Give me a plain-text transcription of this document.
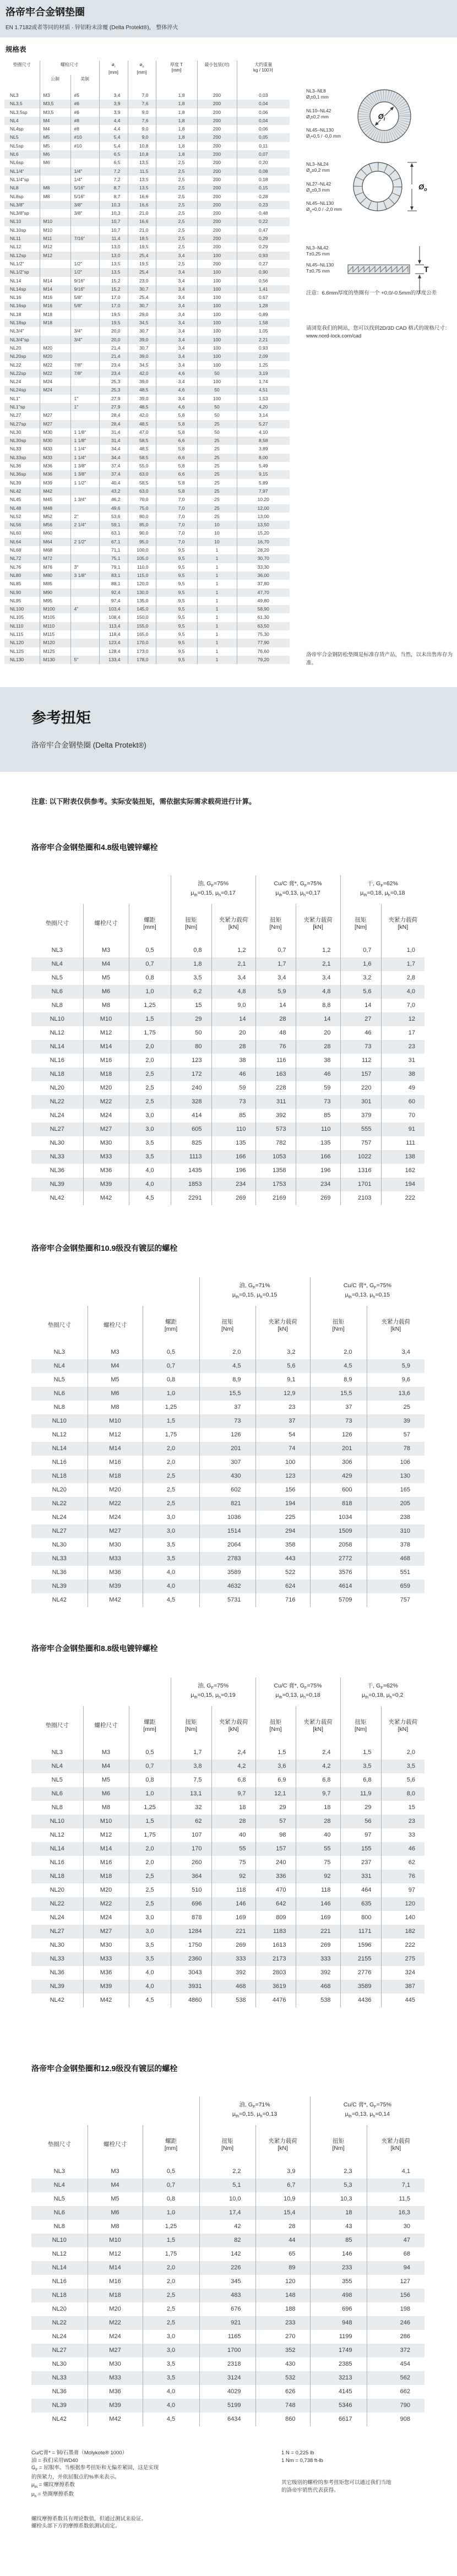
洛帝牢合金钢垫圈
EN 1.7182或者等同的材质 · 锌铝粉末涂覆 (Delta Protekt®)， 整体淬火
规格表
垫圈尺寸	螺栓尺寸	$ø_i$
[mm]

$ø_o$
[mm]

厚度 T
[mm]
	最小包装(对)	大约重量
kg / 100对

	公制	美制					
NL3	M3	#5	3,4	7,0	1,8	200	0,03
NL3,5	M3,5	#6	3,9	7,6	1,8	200	0,04
NL3,5sp	M3,5	#6	3,9	9,0	1,8	200	0,06
NL4	M4	#8	4,4	7,6	1,8	200	0,04
NL4sp	M4	#8	4,4	9,0	1,8	200	0,06
NL5	M5	#10	5,4	9,0	1,8	200	0,05
NL5sp	M5	#10	5,4	10,8	1,8	200	0,11
NL6	M6		6,5	10,8	1,8	200	0,07
NL6sp	M6		6,5	13,5	2,5	200	0,20
NL1/4"		1/4"	7,2	11,5	2,5	200	0,08
NL1/4"sp		1/4"	7,2	13,5	2,5	200	0,18
NL8	M8	5/16"	8,7	13,5	2,5	200	0,15
NL8sp	M8	5/16"	8,7	16,6	2,5	200	0,28
NL3/8"		3/8"	10,3	16,6	2,5	200	0,23
NL3/8"sp		3/8"	10,3	21,0	2,5	200	0,48
NL10	M10		10,7	16,6	2,5	200	0,22
NL10sp	M10		10,7	21,0	2,5	200	0,47
NL11	M11	7/16"	11,4	18,5	2,5	200	0,29
NL12	M12		13,0	19,5	2,5	200	0,29
NL12sp	M12		13,0	25,4	3,4	100	0,93
NL1/2"		1/2"	13,5	19,5	2,5	200	0,27
NL1/2"sp		1/2"	13,5	25,4	3,4	100	0,90
NL14	M14	9/16"	15,2	23,0	3,4	100	0,56
NL14sp	M14	9/16"	15,2	30,7	3,4	100	1,41
NL16	M16	5/8"	17,0	25,4	3,4	100	0,67
NL16sp	M16	5/8"	17,0	30,7	3,4	100	1,28
NL18	M18		19,5	29,0	3,4	100	0,89
NL18sp	M18		19,5	34,5	3,4	100	1,58
NL3/4"		3/4"	20,0	30,7	3,4	100	1,05
NL3/4"sp		3/4"	20,0	39,0	3,4	100	2,21
NL20	M20		21,4	30,7	3,4	100	0,93
NL20sp	M20		21,4	39,0	3,4	100	2,09
NL22	M22	7/8"	23,4	34,5	3,4	100	1,25
NL22sp	M22	7/8"	23,4	42,0	4,6	50	3,19
NL24	M24		25,3	39,0	3,4	100	1,74
NL24sp	M24		25,3	48,5	4,6	50	4,51
NL1"		1"	27,9	39,0	3,4	100	1,53
NL1"sp		1"	27,9	48,5	4,6	50	4,20
NL27	M27		28,4	42,0	5,8	50	3,14
NL27sp	M27		28,4	48,5	5,8	25	5,27
NL30	M30	1 1/8"	31,4	47,0	5,8	50	4,10
NL30sp	M30	1 1/8"	31,4	58,5	6,6	25	8,58
NL33	M33	1 1/4"	34,4	48,5	5,8	25	3,89
NL33sp	M33	1 1/4"	34,4	58,5	6,6	25	8,00
NL36	M36	1 3/8"	37,4	55,0	5,8	25	5,49
NL36sp	M36	1 3/8"	37,4	63,0	6,6	25	9,15
NL39	M39	1 1/2"	40,4	58,5	5,8	25	5,89
NL42	M42		43,2	63,0	5,8	25	7,97
NL45	M45	1 3/4"	46,2	70,0	7,0	25	10,20
NL48	M48		49,6	75,0	7,0	25	12,00
NL52	M52	2"	53,6	80,0	7,0	25	13,00
NL56	M56	2 1/4"	59,1	85,0	7,0	10	13,50
NL60	M60		63,1	90,0	7,0	10	15,20
NL64	M64	2 1/2"	67,1	95,0	7,0	10	16,70
NL68	M68		71,1	100,0	9,5	1	28,20
NL72	M72		75,1	105,0	9,5	1	30,70
NL76	M76	3"	79,1	110,0	9,5	1	33,30
NL80	M80	3 1/8"	83,1	115,0	9,5	1	36,00
NL85	M85		88,1	120,0	9,5	1	37,80
NL90	M90		92,4	130,0	9,5	1	47,70
NL95	M95		97,4	135,0	9,5	1	49,80
NL100	M100	4"	103,4	145,0	9,5	1	58,90
NL105	M105		108,4	150,0	9,5	1	61,30
NL110	M110		113,4	155,0	9,5	1	63,50
NL115	M115		118,4	165,0	9,5	1	75,30
NL120	M120		123,4	170,0	9,5	1	77,90
NL125	M125		128,4	173,0	9,5	1	76,60
NL130	M130	5"	133,4	178,0	9,5	1	79,20
NL3–NL8
$Ø_i\pm 0,1$ mm
NL10–NL42
$Ø_i\pm 0,2$ mm
NL45–NL130
$Ø_i+0,5 / -0,0$ mm
$Ø_i$
NL3–NL24
$Ø_o\pm 0,2$ mm
NL27–NL42
$Ø_o\pm 0,3$ mm
NL45–NL130
$Ø_o+0,0 / -2,0$ mm
$Ø_o$
NL3–NL42
T±0,25 mm
NL45–NL130
T±0,75 mm	T
注意：6.6mm厚度的垫圈有一个 +0,0/-0.5mm的厚度公差
请浏览我们的网站，您可以找到2D/3D CAD 格式的规格尺寸：www.nord-lock.com/cad
洛帝牢合金钢防松垫圈是标准存货产品，当然，以未出售库存为准。
参考扭矩
洛帝牢合金钢垫圈 (Delta Protekt®)
注意: 以下附表仅供参考。实际安装扭矩，需依据实际需求载荷进行计算。
洛帝牢合金钢垫圈和4.8级电镀锌螺栓

油, $G_F=75\%$
$\mu_{th}=0,15$, $\mu_h=0,17$

Cu/C 膏*, $G_F=75\%$
$\mu_{th}=0,13$, $\mu_h=0,17$

干, $G_F=62\%$
$\mu_{th}=0,18$, $\mu_h=0,18$

垫圈尺寸	螺栓尺寸	
螺距
[mm]

扭矩
[Nm]

夹紧力载荷
[kN]

扭矩
[Nm]

夹紧力载荷
[kN]

扭矩
[Nm]

夹紧力载荷
[kN]

NL3	M3	0,5	0,8	1,2	0,7	1,2	0,7	1,0
NL4	M4	0,7	1,8	2,1	1,7	2,1	1,6	1,7
NL5	M5	0,8	3,5	3,4	3,4	3,4	3,2	2,8
NL6	M6	1,0	6,2	4,8	5,9	4,8	5,6	4,0
NL8	M8	1,25	15	9,0	14	8,8	14	7,0
NL10	M10	1,5	29	14	28	14	27	12
NL12	M12	1,75	50	20	48	20	46	17
NL14	M14	2,0	80	28	76	28	73	23
NL16	M16	2,0	123	38	116	38	112	31
NL18	M18	2,5	172	46	163	46	157	38
NL20	M20	2,5	240	59	228	59	220	49
NL22	M22	2,5	328	73	311	73	301	60
NL24	M24	3,0	414	85	392	85	379	70
NL27	M27	3,0	605	110	573	110	555	91
NL30	M30	3,5	825	135	782	135	757	111
NL33	M33	3,5	1113	166	1053	166	1022	138
NL36	M36	4,0	1435	196	1358	196	1316	162
NL39	M39	4,0	1853	234	1753	234	1701	194
NL42	M42	4,5	2291	269	2169	269	2103	222
洛帝牢合金钢垫圈和10.9级没有镀层的螺栓

油, $G_F=71\%$
$\mu_{th}=0,15$, $\mu_h=0,15$

Cu/C 膏*, $G_F=75\%$
$\mu_{th}=0,13$, $\mu_h=0,15$

垫圈尺寸	螺栓尺寸	
螺距
[mm]

扭矩
[Nm]

夹紧力载荷
[kN]

扭矩
[Nm]

夹紧力载荷
[kN]

NL3	M3	0,5	2,0	3,2	2,0	3,4
NL4	M4	0,7	4,5	5,6	4,5	5,9
NL5	M5	0,8	8,9	9,1	8,9	9,6
NL6	M6	1,0	15,5	12,9	15,5	13,6
NL8	M8	1,25	37	23	37	25
NL10	M10	1,5	73	37	73	39
NL12	M12	1,75	126	54	126	57
NL14	M14	2,0	201	74	201	78
NL16	M16	2,0	307	100	306	106
NL18	M18	2,5	430	123	429	130
NL20	M20	2,5	602	156	600	165
NL22	M22	2,5	821	194	818	205
NL24	M24	3,0	1036	225	1034	238
NL27	M27	3,0	1514	294	1509	310
NL30	M30	3,5	2064	358	2058	378
NL33	M33	3,5	2783	443	2772	468
NL36	M36	4,0	3589	522	3576	551
NL39	M39	4,0	4632	624	4614	659
NL42	M42	4,5	5731	716	5709	757
洛帝牢合金钢垫圈和8.8级电镀锌螺栓

油, $G_F=75\%$
$\mu_{th}=0,15$, $\mu_h=0,19$

Cu/C 膏*, $G_F=75\%$
$\mu_{th}=0,13$, $\mu_h=0,18$

干, $G_F=62\%$
$\mu_{th}=0,18$, $\mu_h=0,2$

垫圈尺寸	螺栓尺寸	
螺距
[mm]

扭矩
[Nm]

夹紧力载荷
[kN]

扭矩
[Nm]

夹紧力载荷
[kN]

扭矩
[Nm]

夹紧力载荷
[kN]

NL3	M3	0,5	1,7	2,4	1,5	2,4	1,5	2,0
NL4	M4	0,7	3,8	4,2	3,6	4,2	3,5	3,5
NL5	M5	0,8	7,5	6,8	6,9	6,8	6,8	5,6
NL6	M6	1,0	13,1	9,7	12,1	9,7	11,9	8,0
NL8	M8	1,25	32	18	29	18	29	15
NL10	M10	1,5	62	28	57	28	56	23
NL12	M12	1,75	107	40	98	40	97	33
NL14	M14	2,0	170	55	157	55	155	46
NL16	M16	2,0	260	75	240	75	237	62
NL18	M18	2,5	364	92	336	92	331	76
NL20	M20	2,5	510	118	470	118	464	97
NL22	M22	2,5	696	146	642	146	635	120
NL24	M24	3,0	878	169	809	169	800	140
NL27	M27	3,0	1284	221	1183	221	1171	182
NL30	M30	3,5	1750	269	1613	269	1596	222
NL33	M33	3,5	2360	333	2173	333	2155	275
NL36	M36	4,0	3043	392	2803	392	2776	324
NL39	M39	4,0	3931	468	3619	468	3589	387
NL42	M42	4,5	4860	538	4476	538	4436	445
洛帝牢合金钢垫圈和12.9级没有镀层的螺栓

油, $G_F=71\%$
$\mu_{th}=0,15$, $\mu_h=0,13$

Cu/C 膏*, $G_F=75\%$
$\mu_{th}=0,13$, $\mu_h=0,14$

垫圈尺寸	螺栓尺寸	
螺距
[mm]

扭矩
[Nm]

夹紧力载荷
[kN]

扭矩
[Nm]

夹紧力载荷
[kN]

NL3	M3	0,5	2,2	3,9	2,3	4,1
NL4	M4	0,7	5,1	6,7	5,3	7,1
NL5	M5	0,8	10,0	10,9	10,3	11,5
NL6	M6	1,0	17,4	15,4	18	16,3
NL8	M8	1,25	42	28	43	30
NL10	M10	1,5	82	44	85	47
NL12	M12	1,75	142	65	146	68
NL14	M14	2,0	226	89	233	94
NL16	M16	2,0	345	120	355	127
NL18	M18	2,5	483	148	498	156
NL20	M20	2,5	676	188	696	198
NL22	M22	2,5	921	233	948	246
NL24	M24	3,0	1165	270	1199	286
NL27	M27	3,0	1700	352	1749	372
NL30	M30	3,5	2318	430	2385	454
NL33	M33	3,5	3124	532	3213	562
NL36	M36	4,0	4029	626	4145	662
NL39	M39	4,0	5199	748	5346	790
NL42	M42	4,5	6434	860	6617	908
Cu/C膏* = 铜/石墨膏（Molykote® 1000）
油 = 我们采用WD40
$G_F$ = 屈服率。当根据参考扭矩和无偏差紧固，这是实现
的预紧力，并依屈服点的%率来表示。
$\mu_{th}$ = 螺纹摩擦系数
$\mu_h$ = 垫圈摩擦系数
螺纹摩擦系数具有理论数值，但通过测试来验证。
螺栓头部下方的摩擦系数依测试而定。
1 N = 0,225 lb
1 Nm = 0,738 ft-lb
其它级别的螺栓的参考扭矩您可以通过我们当地
的洛帝牢销售代表获得。
